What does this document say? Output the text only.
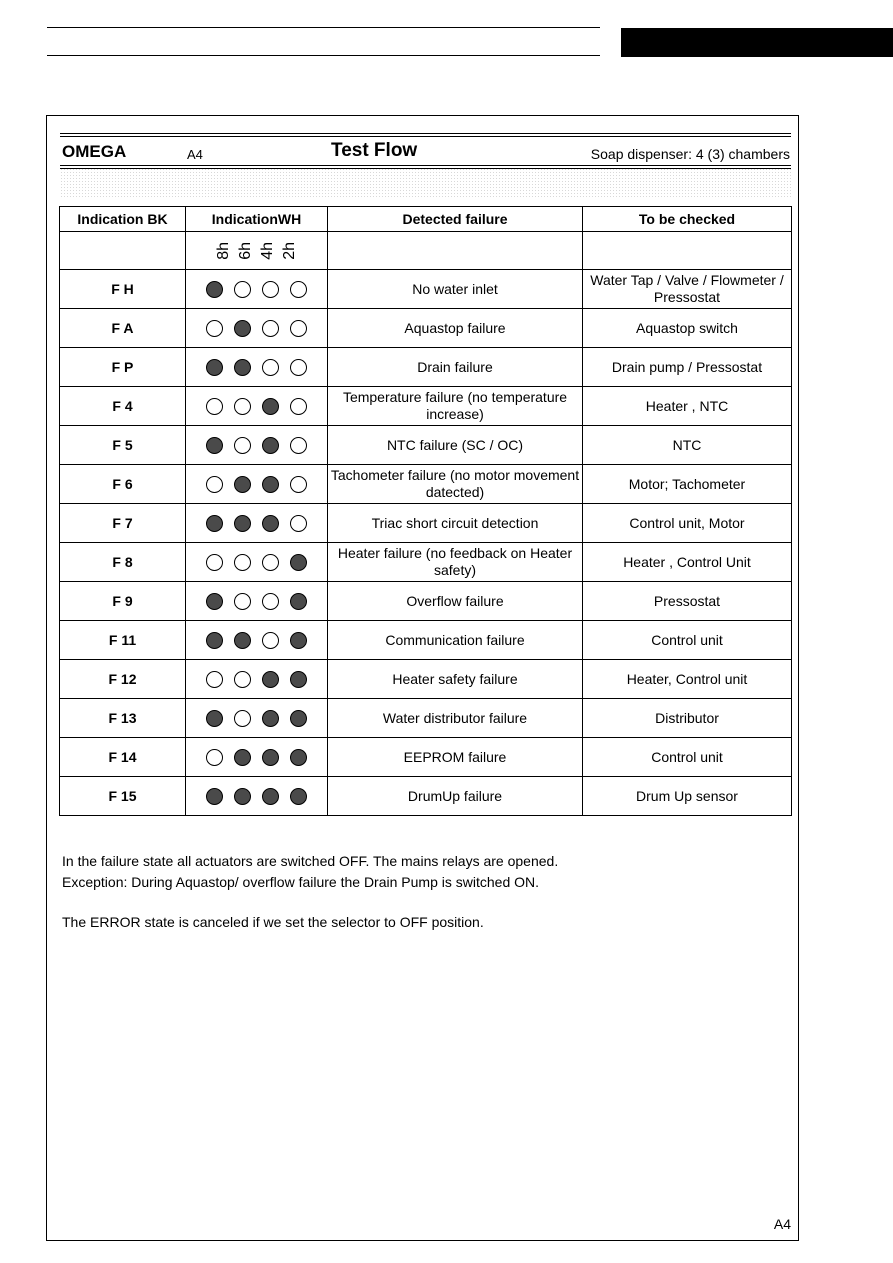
OMEGA	A4	Test Flow	Soap dispenser: 4 (3) chambers
Indication BK	IndicationWH	Detected failure	To be checked

	8h 6h 4h 2h		

F H		No water inlet	Water Tap / Valve / Flowmeter / Pressostat
F A		Aquastop failure	Aquastop switch
F P		Drain failure	Drain pump / Pressostat
F 4		Temperature failure (no temperature increase)	Heater , NTC
F 5		NTC failure (SC / OC)	NTC
F 6		Tachometer failure (no motor movement datected)	Motor; Tachometer
F 7		Triac short circuit detection	Control unit, Motor
F 8		Heater failure (no feedback on Heater safety)	Heater , Control Unit
F 9		Overflow failure	Pressostat
F 11		Communication failure	Control unit
F 12		Heater safety failure	Heater, Control unit
F 13		Water distributor failure	Distributor
F 14		EEPROM failure	Control unit
F 15		DrumUp failure	Drum Up sensor
In the failure state all actuators are switched OFF. The mains relays are opened.
Exception: During Aquastop/ overflow failure the Drain Pump is switched ON.
The ERROR state is canceled if we set the selector to OFF position.
A4
